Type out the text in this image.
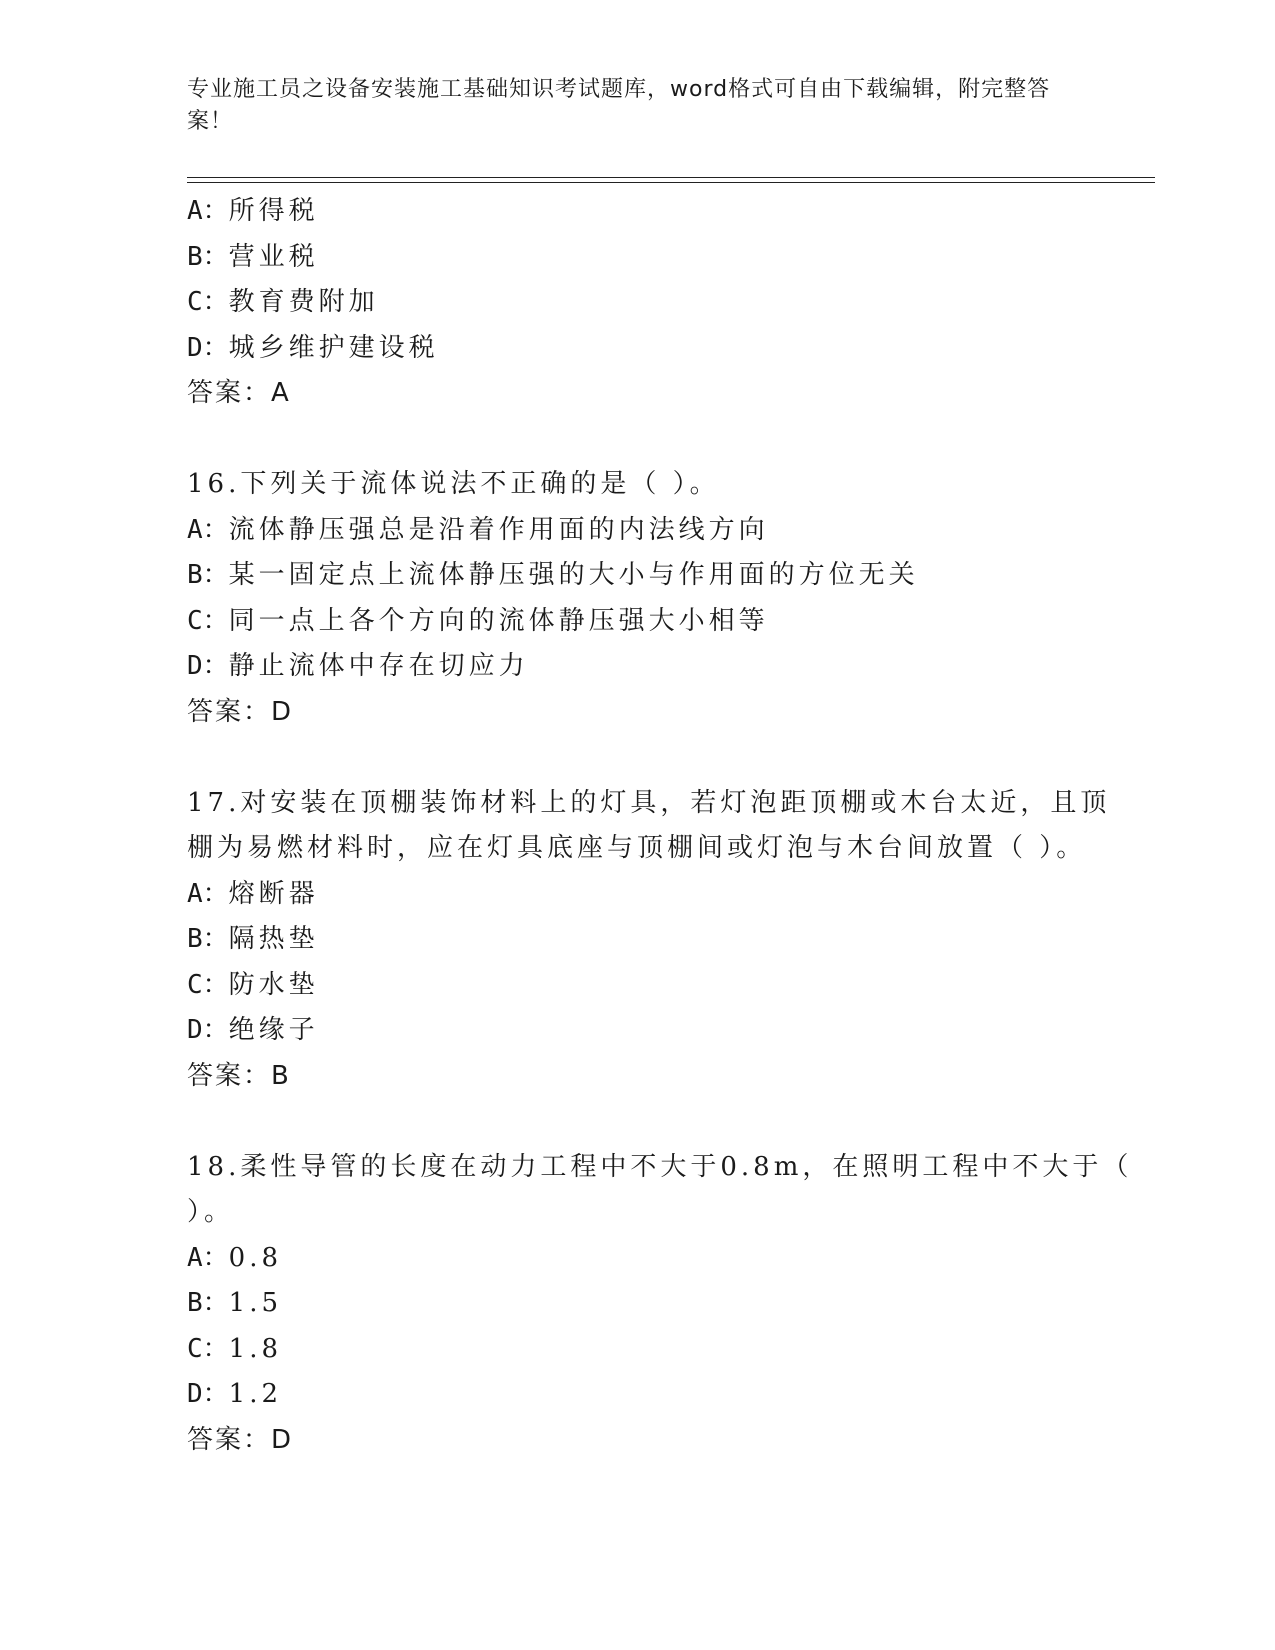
专业施工员之设备安装施工基础知识考试题库，word格式可自由下载编辑，附完整答案！
A：所得税
B：营业税
C：教育费附加
D：城乡维护建设税
答案：A
16.下列关于流体说法不正确的是（ ）。
A：流体静压强总是沿着作用面的内法线方向
B：某一固定点上流体静压强的大小与作用面的方位无关
C：同一点上各个方向的流体静压强大小相等
D：静止流体中存在切应力
答案：D
17.对安装在顶棚装饰材料上的灯具，若灯泡距顶棚或木台太近，且顶
棚为易燃材料时，应在灯具底座与顶棚间或灯泡与木台间放置（ ）。
A：熔断器
B：隔热垫
C：防水垫
D：绝缘子
答案：B
18.柔性导管的长度在动力工程中不大于0.8m，在照明工程中不大于（
）。
A：0.8
B：1.5
C：1.8
D：1.2
答案：D
